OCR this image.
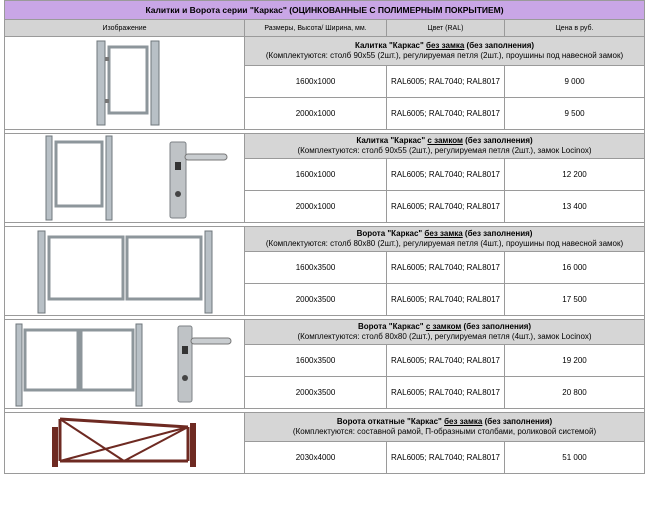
Калитки и Ворота серии "Каркас" (ОЦИНКОВАННЫЕ С ПОЛИМЕРНЫМ ПОКРЫТИЕМ)			
Изображение	Размеры, Высота/ Ширина, мм.	Цвет (RAL)	Цена в руб.

Калитка "Каркас" без замка (без заполнения)
(Комплектуются: столб 90х55 (2шт.), регулируемая петля (2шт.), проушины под навесной замок)		

	1600x1000	RAL6005; RAL7040; RAL8017	9 000
	2000x1000	RAL6005; RAL7040; RAL8017	9 500

Калитка "Каркас" с замком (без заполнения)
(Комплектуются: столб 90х55 (2шт.), регулируемая петля (2шт.), замок Locinox)		

	1600x1000	RAL6005; RAL7040; RAL8017	12 200
	2000x1000	RAL6005; RAL7040; RAL8017	13 400

Ворота "Каркас" без замка (без заполнения)
(Комплектуются: столб 80х80 (2шт.), регулируемая петля (4шт.), проушины под навесной замок)		

	1600x3500	RAL6005; RAL7040; RAL8017	16 000
	2000x3500	RAL6005; RAL7040; RAL8017	17 500

Ворота "Каркас" с замком (без заполнения)
(Комплектуются: столб 80х80 (2шт.), регулируемая петля (4шт.), замок Locinox)		

	1600x3500	RAL6005; RAL7040; RAL8017	19 200
	2000x3500	RAL6005; RAL7040; RAL8017	20 800

Ворота откатные "Каркас" без замка (без заполнения)
(Комплектуются: составной рамой, П-образными столбами, роликовой системой)		

	2030x4000	RAL6005; RAL7040; RAL8017	51 000
